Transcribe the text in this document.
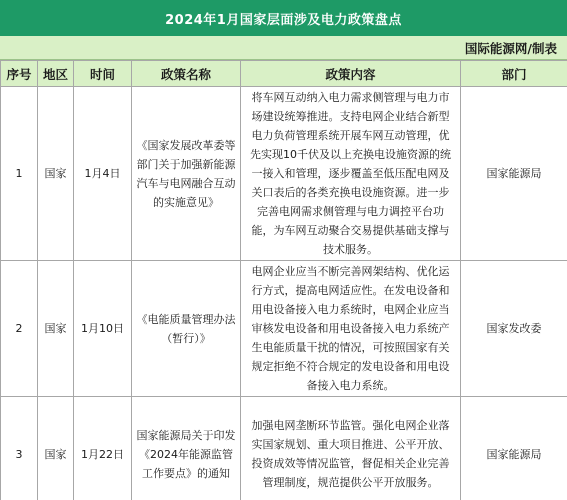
2024年1月国家层面涉及电力政策盘点
国际能源网/制表
序号	地区	时间	政策名称	政策内容	部门
1	国家	1月4日	《国家发展改革委等部门关于加强新能源汽车与电网融合互动的实施意见》	将车网互动纳入电力需求侧管理与电力市场建设统筹推进。支持电网企业结合新型电力负荷管理系统开展车网互动管理，优先实现10千伏及以上充换电设施资源的统一接入和管理，逐步覆盖至低压配电网及关口表后的各类充换电设施资源。进一步完善电网需求侧管理与电力调控平台功能，为车网互动聚合交易提供基础支撑与技术服务。	国家能源局
2	国家	1月10日	《电能质量管理办法（暂行）》	电网企业应当不断完善网架结构、优化运行方式，提高电网适应性。在发电设备和用电设备接入电力系统时，电网企业应当审核发电设备和用电设备接入电力系统产生电能质量干扰的情况，可按照国家有关规定拒绝不符合规定的发电设备和用电设备接入电力系统。	国家发改委
3	国家	1月22日	国家能源局关于印发《2024年能源监管工作要点》的通知	加强电网垄断环节监管。强化电网企业落实国家规划、重大项目推进、公平开放、投资成效等情况监管，督促相关企业完善管理制度，规范提供公平开放服务。	国家能源局
